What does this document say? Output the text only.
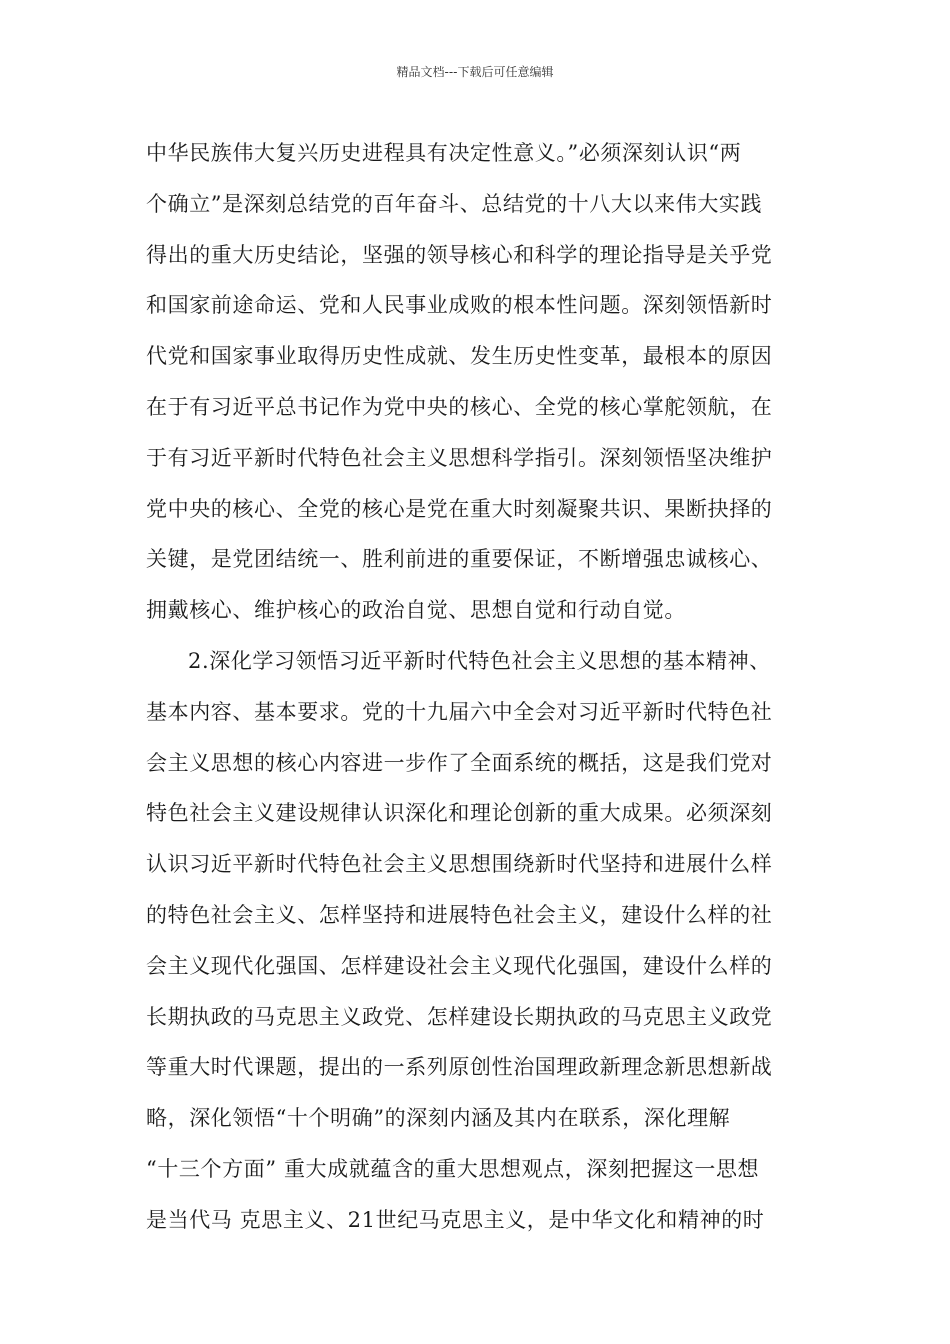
精品文档---下载后可任意编辑
中华民族伟大复兴历史进程具有决定性意义。”必须深刻认识“两
个确立”是深刻总结党的百年奋斗、总结党的十八大以来伟大实践
得出的重大历史结论，坚强的领导核心和科学的理论指导是关乎党
和国家前途命运、党和人民事业成败的根本性问题。深刻领悟新时
代党和国家事业取得历史性成就、发生历史性变革，最根本的原因
在于有习近平总书记作为党中央的核心、全党的核心掌舵领航，在
于有习近平新时代特色社会主义思想科学指引。深刻领悟坚决维护
党中央的核心、全党的核心是党在重大时刻凝聚共识、果断抉择的
关键，是党团结统一、胜利前进的重要保证，不断增强忠诚核心、
拥戴核心、维护核心的政治自觉、思想自觉和行动自觉。
2.深化学习领悟习近平新时代特色社会主义思想的基本精神、
基本内容、基本要求。党的十九届六中全会对习近平新时代特色社
会主义思想的核心内容进一步作了全面系统的概括，这是我们党对
特色社会主义建设规律认识深化和理论创新的重大成果。必须深刻
认识习近平新时代特色社会主义思想围绕新时代坚持和进展什么样
的特色社会主义、怎样坚持和进展特色社会主义，建设什么样的社
会主义现代化强国、怎样建设社会主义现代化强国，建设什么样的
长期执政的马克思主义政党、怎样建设长期执政的马克思主义政党
等重大时代课题，提出的一系列原创性治国理政新理念新思想新战
略，深化领悟“十个明确”的深刻内涵及其内在联系，深化理解
“十三个方面” 重大成就蕴含的重大思想观点，深刻把握这一思想
是当代马 克思主义、21世纪马克思主义，是中华文化和精神的时
